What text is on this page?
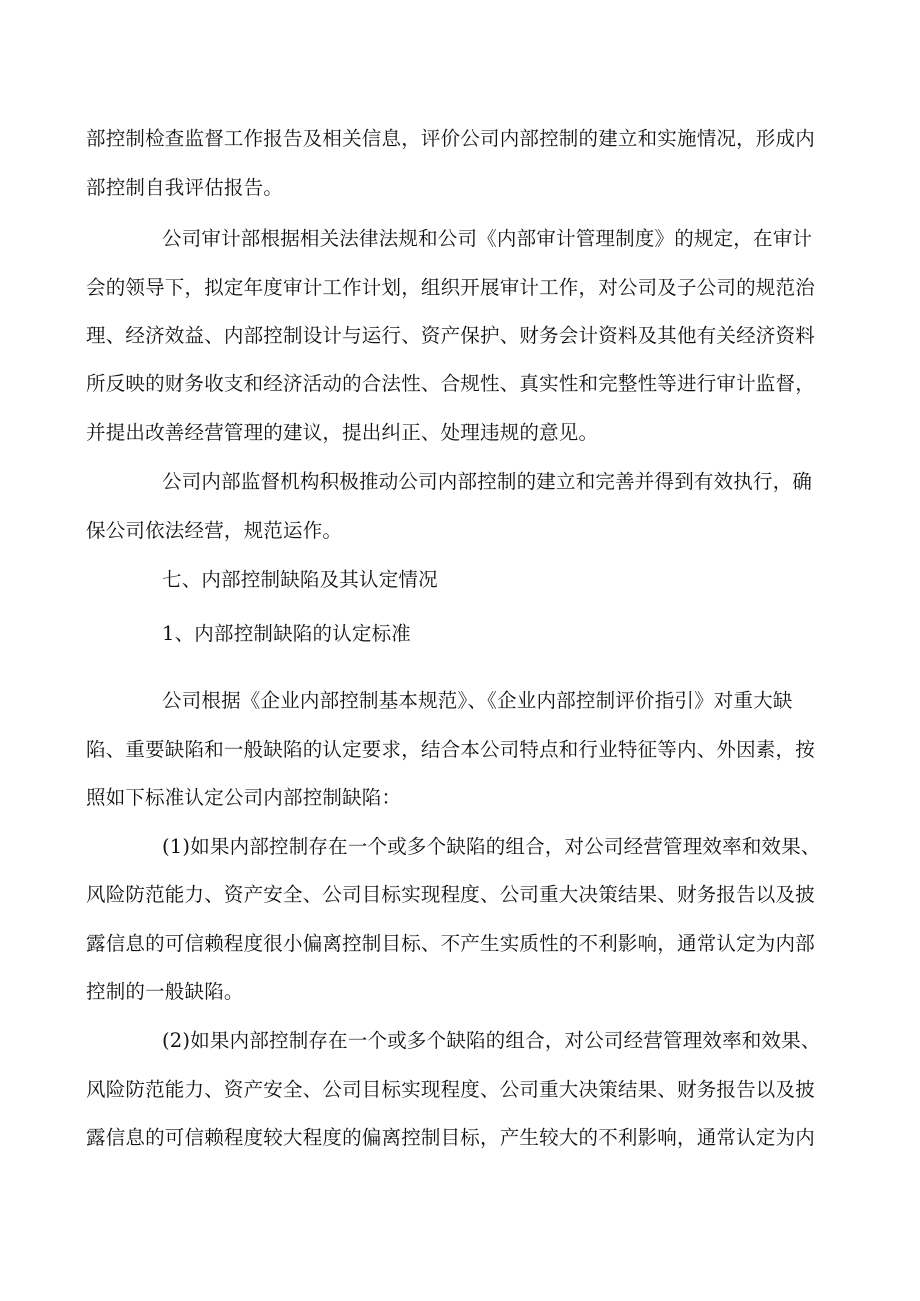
部控制检查监督工作报告及相关信息，评价公司内部控制的建立和实施情况，形成内
部控制自我评估报告。
公司审计部根据相关法律法规和公司《内部审计管理制度》的规定，在审计
会的领导下，拟定年度审计工作计划，组织开展审计工作，对公司及子公司的规范治
理、经济效益、内部控制设计与运行、资产保护、财务会计资料及其他有关经济资料
所反映的财务收支和经济活动的合法性、合规性、真实性和完整性等进行审计监督，
并提出改善经营管理的建议，提出纠正、处理违规的意见。
公司内部监督机构积极推动公司内部控制的建立和完善并得到有效执行，确
保公司依法经营，规范运作。
七、内部控制缺陷及其认定情况
1、内部控制缺陷的认定标准
公司根据《企业内部控制基本规范》、《企业内部控制评价指引》对重大缺
陷、重要缺陷和一般缺陷的认定要求，结合本公司特点和行业特征等内、外因素，按
照如下标准认定公司内部控制缺陷：
(1)如果内部控制存在一个或多个缺陷的组合，对公司经营管理效率和效果、
风险防范能力、资产安全、公司目标实现程度、公司重大决策结果、财务报告以及披
露信息的可信赖程度很小偏离控制目标、不产生实质性的不利影响，通常认定为内部
控制的一般缺陷。
(2)如果内部控制存在一个或多个缺陷的组合，对公司经营管理效率和效果、
风险防范能力、资产安全、公司目标实现程度、公司重大决策结果、财务报告以及披
露信息的可信赖程度较大程度的偏离控制目标，产生较大的不利影响，通常认定为内
